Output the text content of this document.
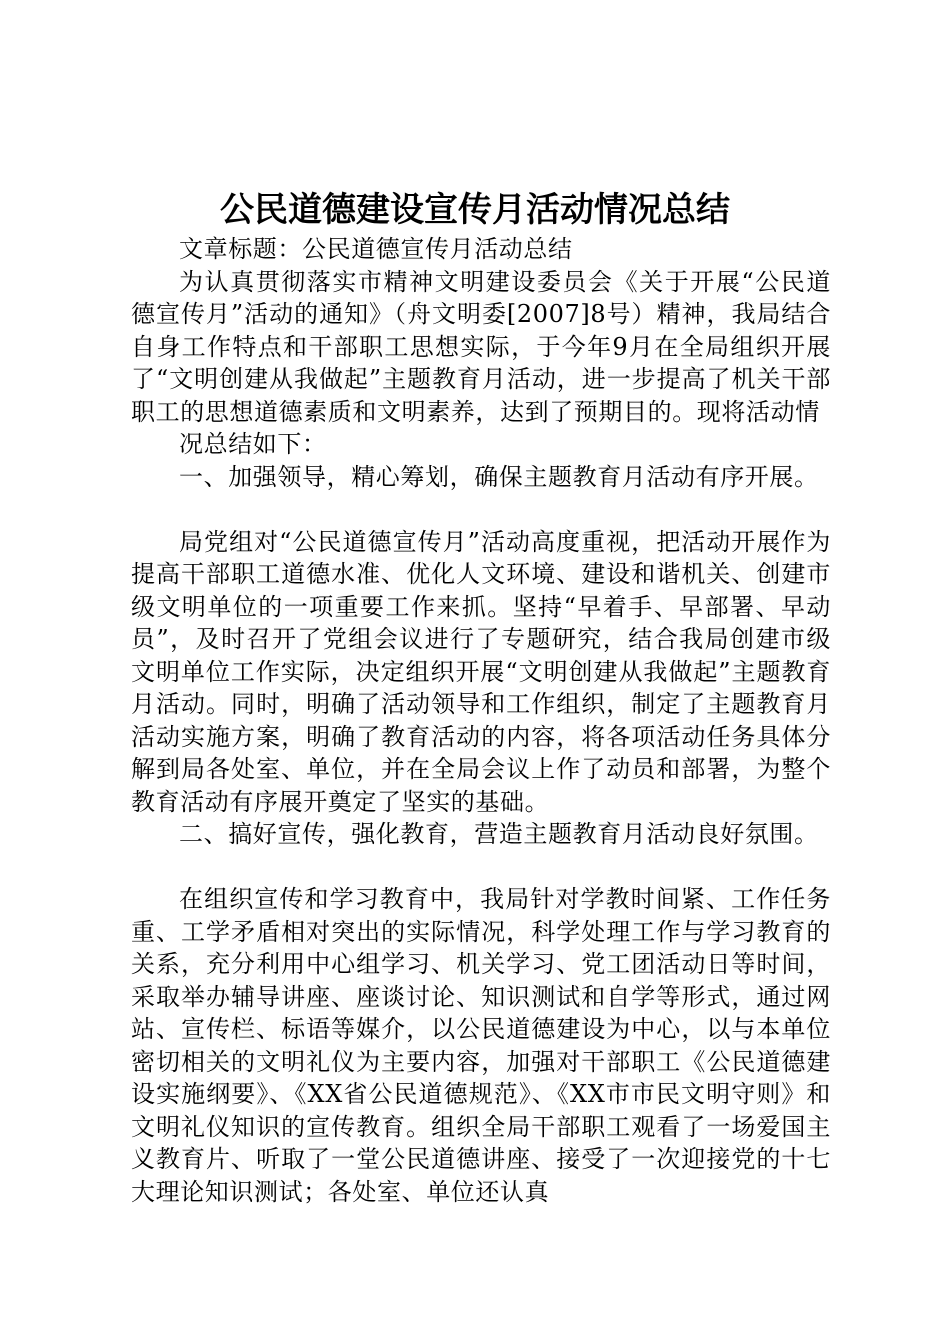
公民道德建设宣传月活动情况总结

文章标题：公民道德宣传月活动总结

为认真贯彻落实市精神文明建设委员会《关于开展“公民道德宣传月”活动的通知》（舟文明委[2007]8号）精神，我局结合自身工作特点和干部职工思想实际，于今年9月在全局组织开展了“文明创建从我做起”主题教育月活动，进一步提高了机关干部职工的思想道德素质和文明素养，达到了预期目的。现将活动情

况总结如下：

一、加强领导，精心筹划，确保主题教育月活动有序开展。

局党组对“公民道德宣传月”活动高度重视，把活动开展作为提高干部职工道德水准、优化人文环境、建设和谐机关、创建市级文明单位的一项重要工作来抓。坚持“早着手、早部署、早动员”，及时召开了党组会议进行了专题研究，结合我局创建市级文明单位工作实际，决定组织开展“文明创建从我做起”主题教育月活动。同时，明确了活动领导和工作组织，制定了主题教育月活动实施方案，明确了教育活动的内容，将各项活动任务具体分解到局各处室、单位，并在全局会议上作了动员和部署，为整个教育活动有序展开奠定了坚实的基础。

二、搞好宣传，强化教育，营造主题教育月活动良好氛围。

在组织宣传和学习教育中，我局针对学教时间紧、工作任务重、工学矛盾相对突出的实际情况，科学处理工作与学习教育的关系，充分利用中心组学习、机关学习、党工团活动日等时间，采取举办辅导讲座、座谈讨论、知识测试和自学等形式，通过网站、宣传栏、标语等媒介，以公民道德建设为中心，以与本单位密切相关的文明礼仪为主要内容，加强对干部职工《公民道德建设实施纲要》、《XX省公民道德规范》、《XX市市民文明守则》和文明礼仪知识的宣传教育。组织全局干部职工观看了一场爱国主义教育片、听取了一堂公民道德讲座、接受了一次迎接党的十七大理论知识测试；各处室、单位还认真
